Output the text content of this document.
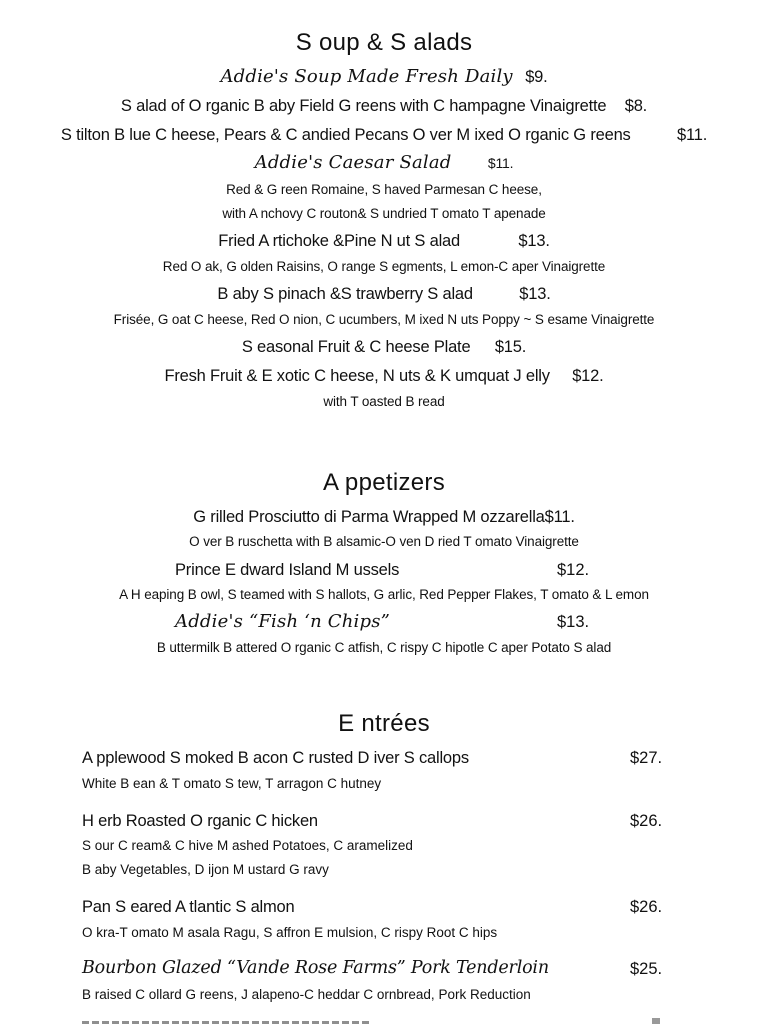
S oup & S alads
Addie's Soup Made Fresh Daily $9.
S alad of O rganic B aby Field G reens with C hampagne Vinaigrette $8.
S tilton B lue C heese, Pears & C andied Pecans O ver M ixed O rganic G reens	$11.
Addie's Caesar Salad	$11.
Red & G reen Romaine, S haved Parmesan C heese,
with A nchovy C routon& S undried T omato T apenade
Fried A rtichoke &Pine N ut S alad	$13.
Red O ak, G olden Raisins, O range S egments, L emon-C aper Vinaigrette
B aby S pinach &S trawberry S alad	$13.
Frisée, G oat C heese, Red O nion, C ucumbers, M ixed N uts Poppy ~ S esame Vinaigrette
S easonal Fruit & C heese Plate $15.
Fresh Fruit & E xotic C heese, N uts & K umquat J elly $12.
with T oasted B read
A ppetizers
G rilled Prosciutto di Parma Wrapped M ozzarella$11.
O ver B ruschetta with B alsamic-O ven D ried T omato Vinaigrette
Prince E dward Island M ussels	$12.
A H eaping B owl, S teamed with S hallots, G arlic, Red Pepper Flakes, T omato & L emon
Addie's “Fish ‘n Chips”	$13.
B uttermilk B attered O rganic C atfish, C rispy C hipotle C aper Potato S alad
E ntrées
A pplewood S moked B acon C rusted D iver S callops	$27.
White B ean & T omato S tew, T arragon C hutney
H erb Roasted O rganic C hicken	$26.
S our C ream& C hive M ashed Potatoes, C aramelized
B aby Vegetables, D ijon M ustard G ravy
Pan S eared A tlantic S almon	$26.
O kra-T omato M asala Ragu, S affron E mulsion, C rispy Root C hips
Bourbon Glazed “Vande Rose Farms” Pork Tenderloin	$25.
B raised C ollard G reens, J alapeno-C heddar C ornbread, Pork Reduction
